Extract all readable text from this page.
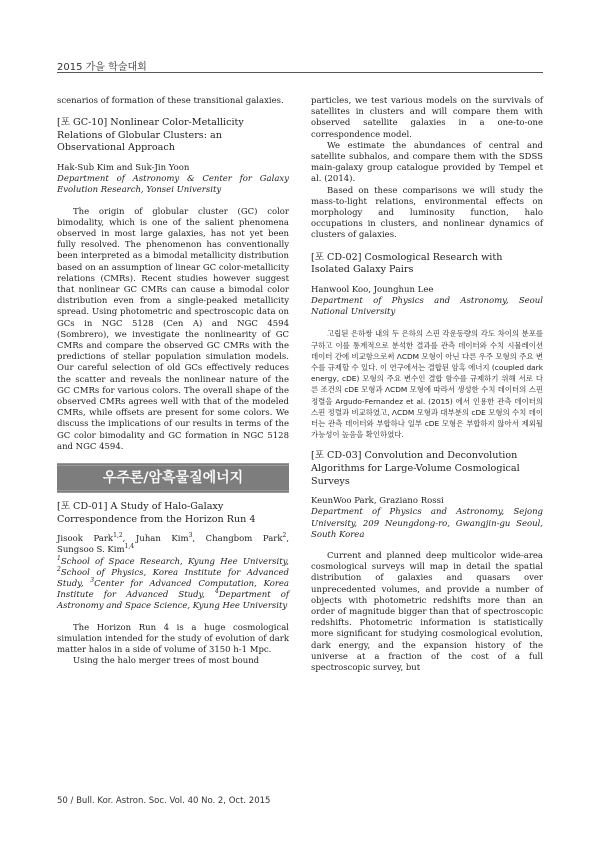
2015 가을 학술대회

scenarios of formation of these transitional galaxies.

[포 GC-10] Nonlinear Color-Metallicity Relations of Globular Clusters: an Observational Approach

Hak-Sub Kim and Suk-Jin Yoon

Department of Astronomy & Center for Galaxy Evolution Research, Yonsei University

The origin of globular cluster (GC) color bimodality, which is one of the salient phenomena observed in most large galaxies, has not yet been fully resolved. The phenomenon has conventionally been interpreted as a bimodal metallicity distribution based on an assumption of linear GC color-metallicity relations (CMRs). Recent studies however suggest that nonlinear GC CMRs can cause a bimodal color distribution even from a single-peaked metallicity spread. Using photometric and spectroscopic data on GCs in NGC 5128 (Cen A) and NGC 4594 (Sombrero), we investigate the nonlinearity of GC CMRs and compare the observed GC CMRs with the predictions of stellar population simulation models. Our careful selection of old GCs effectively reduces the scatter and reveals the nonlinear nature of the GC CMRs for various colors. The overall shape of the observed CMRs agrees well with that of the modeled CMRs, while offsets are present for some colors. We discuss the implications of our results in terms of the GC color bimodality and GC formation in NGC 5128 and NGC 4594.

우주론/암흑물질에너지
[포 CD-01] A Study of Halo-Galaxy Correspondence from the Horizon Run 4

Jisook Park$^{1,2}$, Juhan Kim$^3$, Changbom Park$^2$, Sungsoo S. Kim$^{1,4}$

$^1$School of Space Research, Kyung Hee University, $^2$School of Physics, Korea Institute for Advanced Study, $^3$Center for Advanced Computation, Korea Institute for Advanced Study, $^4$Department of Astronomy and Space Science, Kyung Hee University

The Horizon Run 4 is a huge cosmological simulation intended for the study of evolution of dark matter halos in a side of volume of 3150 h-1 Mpc.

Using the halo merger trees of most bound

particles, we test various models on the survivals of satellites in clusters and will compare them with observed satellite galaxies in a one-to-one correspondence model.

We estimate the abundances of central and satellite subhalos, and compare them with the SDSS main-galaxy group catalogue provided by Tempel et al. (2014).

Based on these comparisons we will study the mass-to-light relations, environmental effects on morphology and luminosity function, halo occupations in clusters, and nonlinear dynamics of clusters of galaxies.

[포 CD-02] Cosmological Research with Isolated Galaxy Pairs

Hanwool Koo, Jounghun Lee

Department of Physics and Astronomy, Seoul National University

고립된 은하쌍 내의 두 은하의 스핀 각운동량의 각도 차이의 분포를 구하고 이를 통계적으로 분석한 결과를 관측 데이터와 수치 시뮬레이션 데이터 간에 비교함으로써 ΛCDM 모형이 아닌 다른 우주 모형의 주요 변수를 규제할 수 있다. 이 연구에서는 결합된 암흑 에너지 (coupled dark energy, cDE) 모형의 주요 변수인 결합 함수를 규제하기 위해 서로 다른 조건의 cDE 모형과 ΛCDM 모형에 따라서 생성한 수치 데이터의 스핀 정렬을 Argudo-Fernandez et al. (2015) 에서 인용한 관측 데이터의 스핀 정렬과 비교하였고, ΛCDM 모형과 대부분의 cDE 모형의 수치 데이터는 관측 데이터와 부합하나 일부 cDE 모형은 부합하지 않아서 제외될 가능성이 높음을 확인하였다.

[포 CD-03] Convolution and Deconvolution Algorithms for Large-Volume Cosmological Surveys

KeunWoo Park, Graziano Rossi

Department of Physics and Astronomy, Sejong University, 209 Neungdong-ro, Gwangjin-gu Seoul, South Korea

Current and planned deep multicolor wide-area cosmological surveys will map in detail the spatial distribution of galaxies and quasars over unprecedented volumes, and provide a number of objects with photometric redshifts more than an order of magnitude bigger than that of spectroscopic redshifts. Photometric information is statistically more significant for studying cosmological evolution, dark energy, and the expansion history of the universe at a fraction of the cost of a full spectroscopic survey, but

50 / Bull. Kor. Astron. Soc. Vol. 40 No. 2, Oct. 2015
